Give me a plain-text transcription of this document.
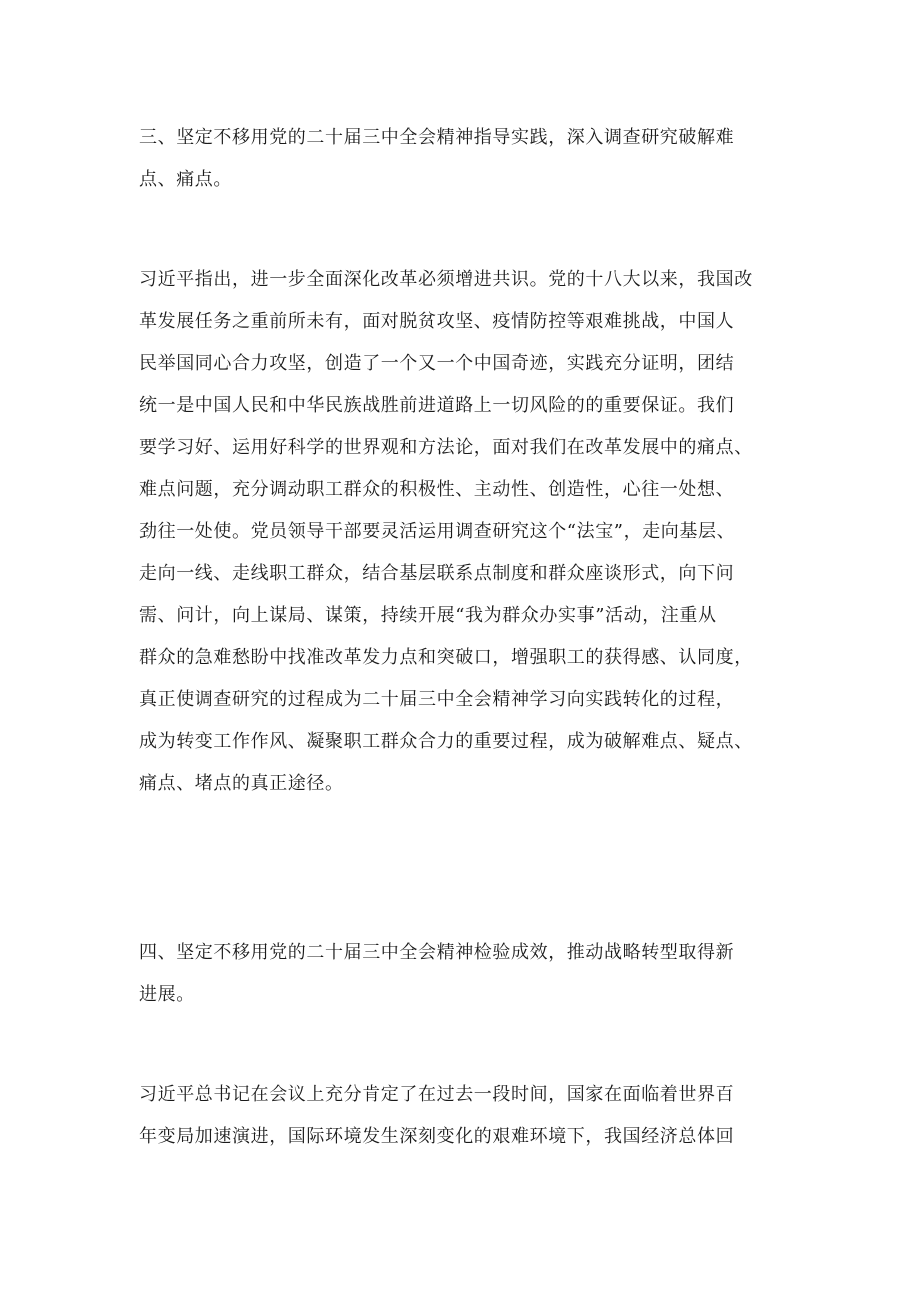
三、坚定不移用党的二十届三中全会精神指导实践，深入调查研究破解难
点、痛点。
习近平指出，进一步全面深化改革必须增进共识。党的十八大以来，我国改
革发展任务之重前所未有，面对脱贫攻坚、疫情防控等艰难挑战，中国人
民举国同心合力攻坚，创造了一个又一个中国奇迹，实践充分证明，团结
统一是中国人民和中华民族战胜前进道路上一切风险的的重要保证。我们
要学习好、运用好科学的世界观和方法论，面对我们在改革发展中的痛点、
难点问题，充分调动职工群众的积极性、主动性、创造性，心往一处想、
劲往一处使。党员领导干部要灵活运用调查研究这个“法宝”，走向基层、
走向一线、走线职工群众，结合基层联系点制度和群众座谈形式，向下问
需、问计，向上谋局、谋策，持续开展“我为群众办实事”活动，注重从
群众的急难愁盼中找准改革发力点和突破口，增强职工的获得感、认同度，
真正使调查研究的过程成为二十届三中全会精神学习向实践转化的过程，
成为转变工作作风、凝聚职工群众合力的重要过程，成为破解难点、疑点、
痛点、堵点的真正途径。
四、坚定不移用党的二十届三中全会精神检验成效，推动战略转型取得新
进展。
习近平总书记在会议上充分肯定了在过去一段时间，国家在面临着世界百
年变局加速演进，国际环境发生深刻变化的艰难环境下，我国经济总体回
